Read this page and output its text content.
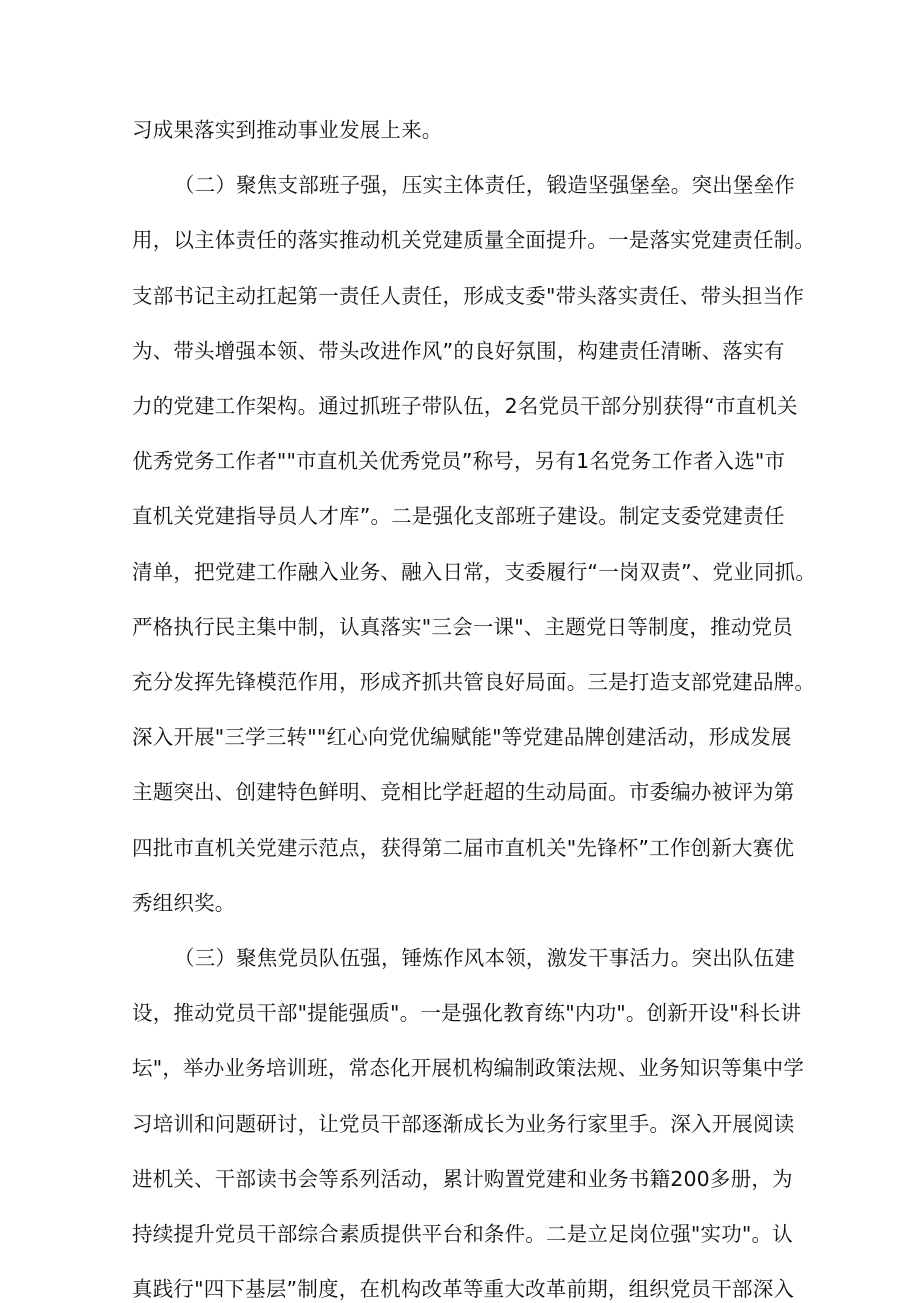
习成果落实到推动事业发展上来。
（二）聚焦支部班子强，压实主体责任，锻造坚强堡垒。突出堡垒作
用，以主体责任的落实推动机关党建质量全面提升。一是落实党建责任制。
支部书记主动扛起第一责任人责任，形成支委"带头落实责任、带头担当作
为、带头增强本领、带头改进作风”的良好氛围，构建责任清晰、落实有
力的党建工作架构。通过抓班子带队伍，2名党员干部分别获得“市直机关
优秀党务工作者""市直机关优秀党员”称号，另有1名党务工作者入选"市
直机关党建指导员人才库”。二是强化支部班子建设。制定支委党建责任
清单，把党建工作融入业务、融入日常，支委履行“一岗双责”、党业同抓。
严格执行民主集中制，认真落实"三会一课"、主题党日等制度，推动党员
充分发挥先锋模范作用，形成齐抓共管良好局面。三是打造支部党建品牌。
深入开展"三学三转""红心向党优编赋能"等党建品牌创建活动，形成发展
主题突出、创建特色鲜明、竞相比学赶超的生动局面。市委编办被评为第
四批市直机关党建示范点，获得第二届市直机关"先锋杯”工作创新大赛优
秀组织奖。
（三）聚焦党员队伍强，锤炼作风本领，激发干事活力。突出队伍建
设，推动党员干部"提能强质"。一是强化教育练"内功"。创新开设"科长讲
坛"，举办业务培训班，常态化开展机构编制政策法规、业务知识等集中学
习培训和问题研讨，让党员干部逐渐成长为业务行家里手。深入开展阅读
进机关、干部读书会等系列活动，累计购置党建和业务书籍200多册，为
持续提升党员干部综合素质提供平台和条件。二是立足岗位强"实功"。认
真践行"四下基层”制度，在机构改革等重大改革前期，组织党员干部深入
